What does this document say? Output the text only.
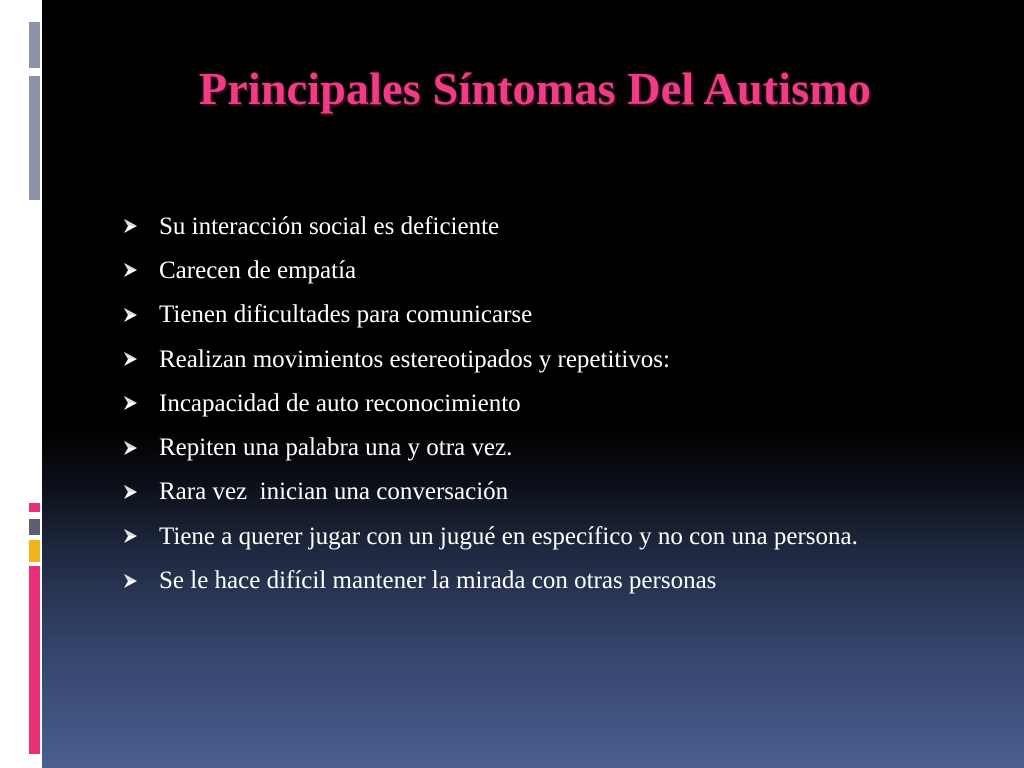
Principales Síntomas Del Autismo
Su interacción social es deficiente
Carecen de empatía
Tienen dificultades para comunicarse
Realizan movimientos estereotipados y repetitivos:
Incapacidad de auto reconocimiento
Repiten una palabra una y otra vez.
Rara vez  inician una conversación
Tiene a querer jugar con un jugué en específico y no con una persona.
Se le hace difícil mantener la mirada con otras personas
